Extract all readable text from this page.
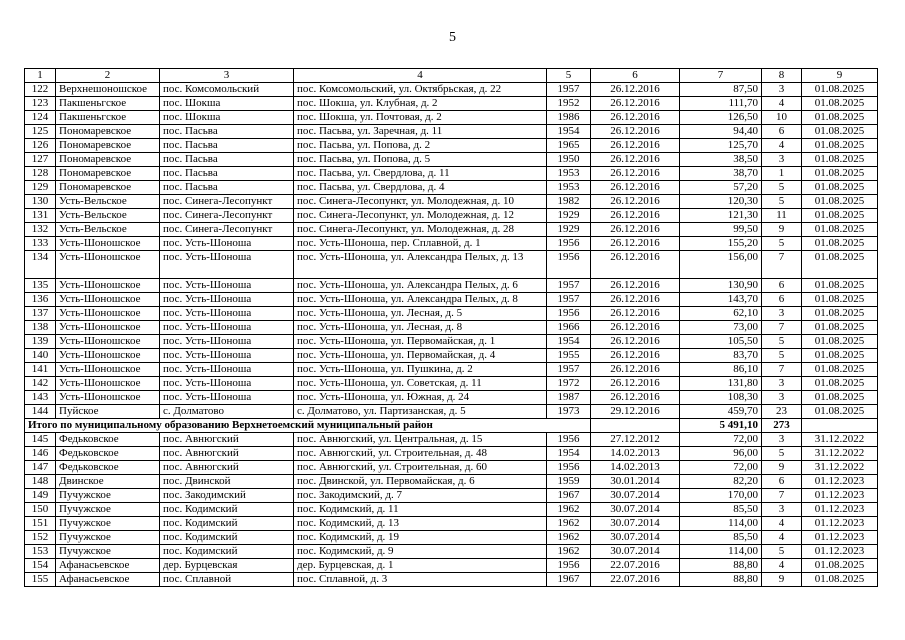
5
1	2	3	4	5	6	7	8	9
122	Верхнешоношское	пос. Комсомольский	пос. Комсомольский, ул. Октябрьская, д. 22	1957	26.12.2016	87,50	3	01.08.2025
123	Пакшеньгское	пос. Шокша	пос. Шокша, ул. Клубная, д. 2	1952	26.12.2016	111,70	4	01.08.2025
124	Пакшеньгское	пос. Шокша	пос. Шокша, ул. Почтовая, д. 2	1986	26.12.2016	126,50	10	01.08.2025
125	Пономаревское	пос. Пасьва	пос. Пасьва, ул. Заречная, д. 11	1954	26.12.2016	94,40	6	01.08.2025
126	Пономаревское	пос. Пасьва	пос. Пасьва, ул. Попова, д. 2	1965	26.12.2016	125,70	4	01.08.2025
127	Пономаревское	пос. Пасьва	пос. Пасьва, ул. Попова, д. 5	1950	26.12.2016	38,50	3	01.08.2025
128	Пономаревское	пос. Пасьва	пос. Пасьва, ул. Свердлова, д. 11	1953	26.12.2016	38,70	1	01.08.2025
129	Пономаревское	пос. Пасьва	пос. Пасьва, ул. Свердлова, д. 4	1953	26.12.2016	57,20	5	01.08.2025
130	Усть-Вельское	пос. Синега-Лесопункт	пос. Синега-Лесопункт, ул. Молодежная, д. 10	1982	26.12.2016	120,30	5	01.08.2025
131	Усть-Вельское	пос. Синега-Лесопункт	пос. Синега-Лесопункт, ул. Молодежная, д. 12	1929	26.12.2016	121,30	11	01.08.2025
132	Усть-Вельское	пос. Синега-Лесопункт	пос. Синега-Лесопункт, ул. Молодежная, д. 28	1929	26.12.2016	99,50	9	01.08.2025
133	Усть-Шоношское	пос. Усть-Шоноша	пос. Усть-Шоноша, пер. Сплавной, д. 1	1956	26.12.2016	155,20	5	01.08.2025
134	Усть-Шоношское	пос. Усть-Шоноша	пос. Усть-Шоноша, ул. Александра Пелых, д. 13	1956	26.12.2016	156,00	7	01.08.2025
135	Усть-Шоношское	пос. Усть-Шоноша	пос. Усть-Шоноша, ул. Александра Пелых, д. 6	1957	26.12.2016	130,90	6	01.08.2025
136	Усть-Шоношское	пос. Усть-Шоноша	пос. Усть-Шоноша, ул. Александра Пелых, д. 8	1957	26.12.2016	143,70	6	01.08.2025
137	Усть-Шоношское	пос. Усть-Шоноша	пос. Усть-Шоноша, ул. Лесная, д. 5	1956	26.12.2016	62,10	3	01.08.2025
138	Усть-Шоношское	пос. Усть-Шоноша	пос. Усть-Шоноша, ул. Лесная, д. 8	1966	26.12.2016	73,00	7	01.08.2025
139	Усть-Шоношское	пос. Усть-Шоноша	пос. Усть-Шоноша, ул. Первомайская, д. 1	1954	26.12.2016	105,50	5	01.08.2025
140	Усть-Шоношское	пос. Усть-Шоноша	пос. Усть-Шоноша, ул. Первомайская, д. 4	1955	26.12.2016	83,70	5	01.08.2025
141	Усть-Шоношское	пос. Усть-Шоноша	пос. Усть-Шоноша, ул. Пушкина, д. 2	1957	26.12.2016	86,10	7	01.08.2025
142	Усть-Шоношское	пос. Усть-Шоноша	пос. Усть-Шоноша, ул. Советская, д. 11	1972	26.12.2016	131,80	3	01.08.2025
143	Усть-Шоношское	пос. Усть-Шоноша	пос. Усть-Шоноша, ул. Южная, д. 24	1987	26.12.2016	108,30	3	01.08.2025
144	Пуйское	с. Долматово	с. Долматово, ул. Партизанская, д. 5	1973	29.12.2016	459,70	23	01.08.2025
Итого по муниципальному образованию Верхнетоемский муниципальный район						5 491,10	273	
145	Федьковское	пос. Авнюгский	пос. Авнюгский, ул. Центральная, д. 15	1956	27.12.2012	72,00	3	31.12.2022
146	Федьковское	пос. Авнюгский	пос. Авнюгский, ул. Строительная, д. 48	1954	14.02.2013	96,00	5	31.12.2022
147	Федьковское	пос. Авнюгский	пос. Авнюгский, ул. Строительная, д. 60	1956	14.02.2013	72,00	9	31.12.2022
148	Двинское	пос. Двинской	пос. Двинской, ул. Первомайская, д. 6	1959	30.01.2014	82,20	6	01.12.2023
149	Пучужское	пос. Закодимский	пос. Закодимский, д. 7	1967	30.07.2014	170,00	7	01.12.2023
150	Пучужское	пос. Кодимский	пос. Кодимский, д. 11	1962	30.07.2014	85,50	3	01.12.2023
151	Пучужское	пос. Кодимский	пос. Кодимский, д. 13	1962	30.07.2014	114,00	4	01.12.2023
152	Пучужское	пос. Кодимский	пос. Кодимский, д. 19	1962	30.07.2014	85,50	4	01.12.2023
153	Пучужское	пос. Кодимский	пос. Кодимский, д. 9	1962	30.07.2014	114,00	5	01.12.2023
154	Афанасьевское	дер. Бурцевская	дер. Бурцевская, д. 1	1956	22.07.2016	88,80	4	01.08.2025
155	Афанасьевское	пос. Сплавной	пос. Сплавной, д. 3	1967	22.07.2016	88,80	9	01.08.2025
